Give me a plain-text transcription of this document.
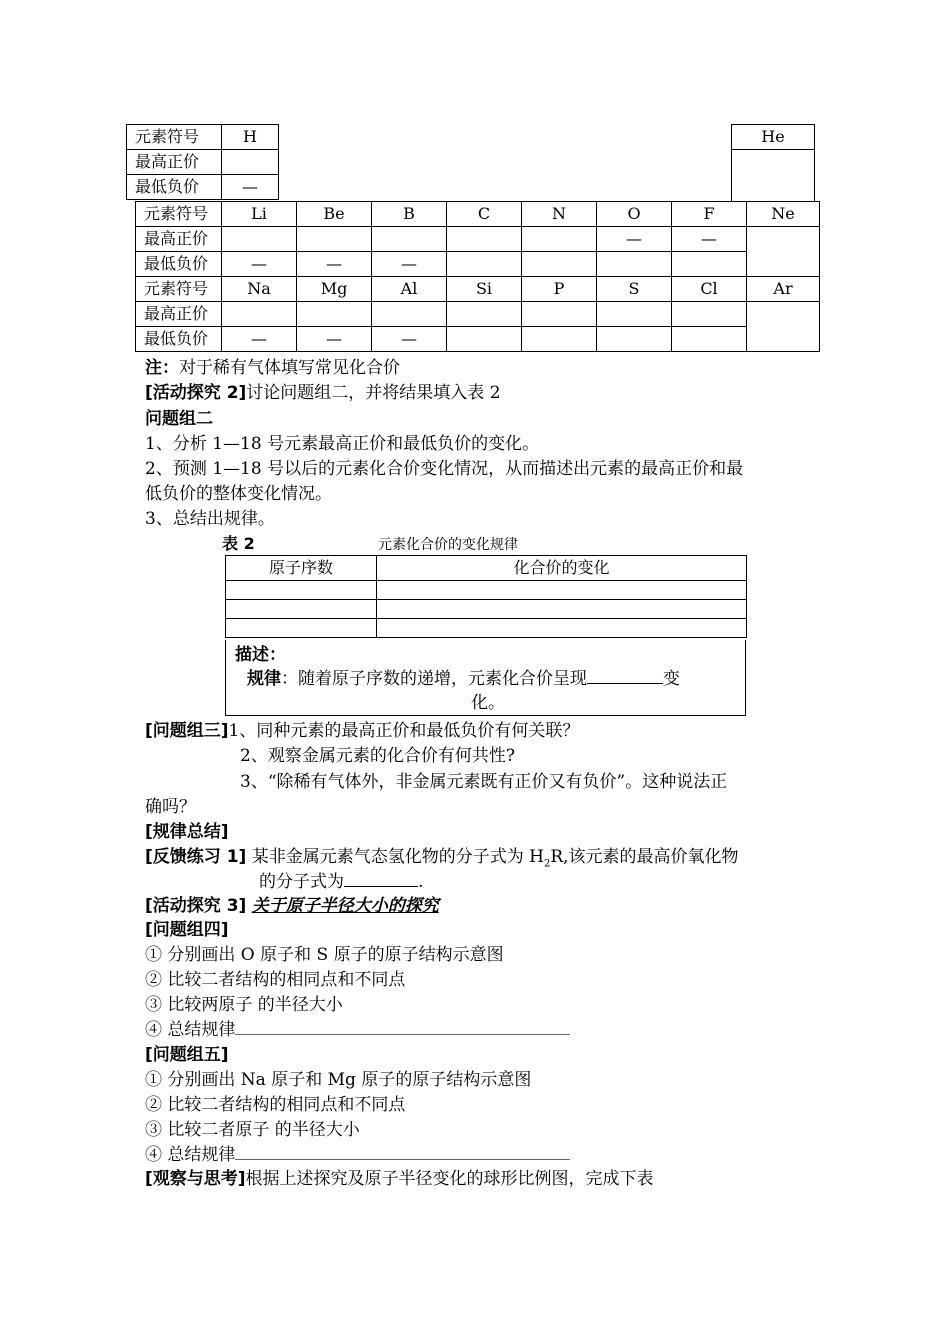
元素符号	H
最高正价	
最低负价	—
He

元素符号	Li	Be	B	C	N	O	F	Ne
最高正价						—	—	
最低负价	—	—	—					
元素符号	Na	Mg	Al	Si	P	S	Cl	Ar
最高正价								
最低负价	—	—	—					
注：对于稀有气体填写常见化合价
[活动探究 2]讨论问题组二，并将结果填入表 2
问题组二
1、分析 1—18 号元素最高正价和最低负价的变化。
2、预测 1—18 号以后的元素化合价变化情况，从而描述出元素的最高正价和最
低负价的整体变化情况。
3、总结出规律。
表 2	元素化合价的变化规律
原子序数	化合价的变化

描述：
规律：随着原子序数的递增，元素化合价呈现	变
化。
[问题组三]1、同种元素的最高正价和最低负价有何关联？
2、观察金属元素的化合价有何共性?
3、“除稀有气体外，非金属元素既有正价又有负价”。这种说法正
确吗？
[规律总结]
[反馈练习 1] 某非金属元素气态氢化物的分子式为 $H_2R$,该元素的最高价氧化物
的分子式为	.
[活动探究 3] 关于原子半径大小的探究
[问题组四]
① 分别画出 O 原子和 S 原子的原子结构示意图
② 比较二者结构的相同点和不同点
③ 比较两原子 的半径大小
④ 总结规律
[问题组五]
① 分别画出 Na 原子和 Mg 原子的原子结构示意图
② 比较二者结构的相同点和不同点
③ 比较二者原子 的半径大小
④ 总结规律
[观察与思考]根据上述探究及原子半径变化的球形比例图，完成下表
